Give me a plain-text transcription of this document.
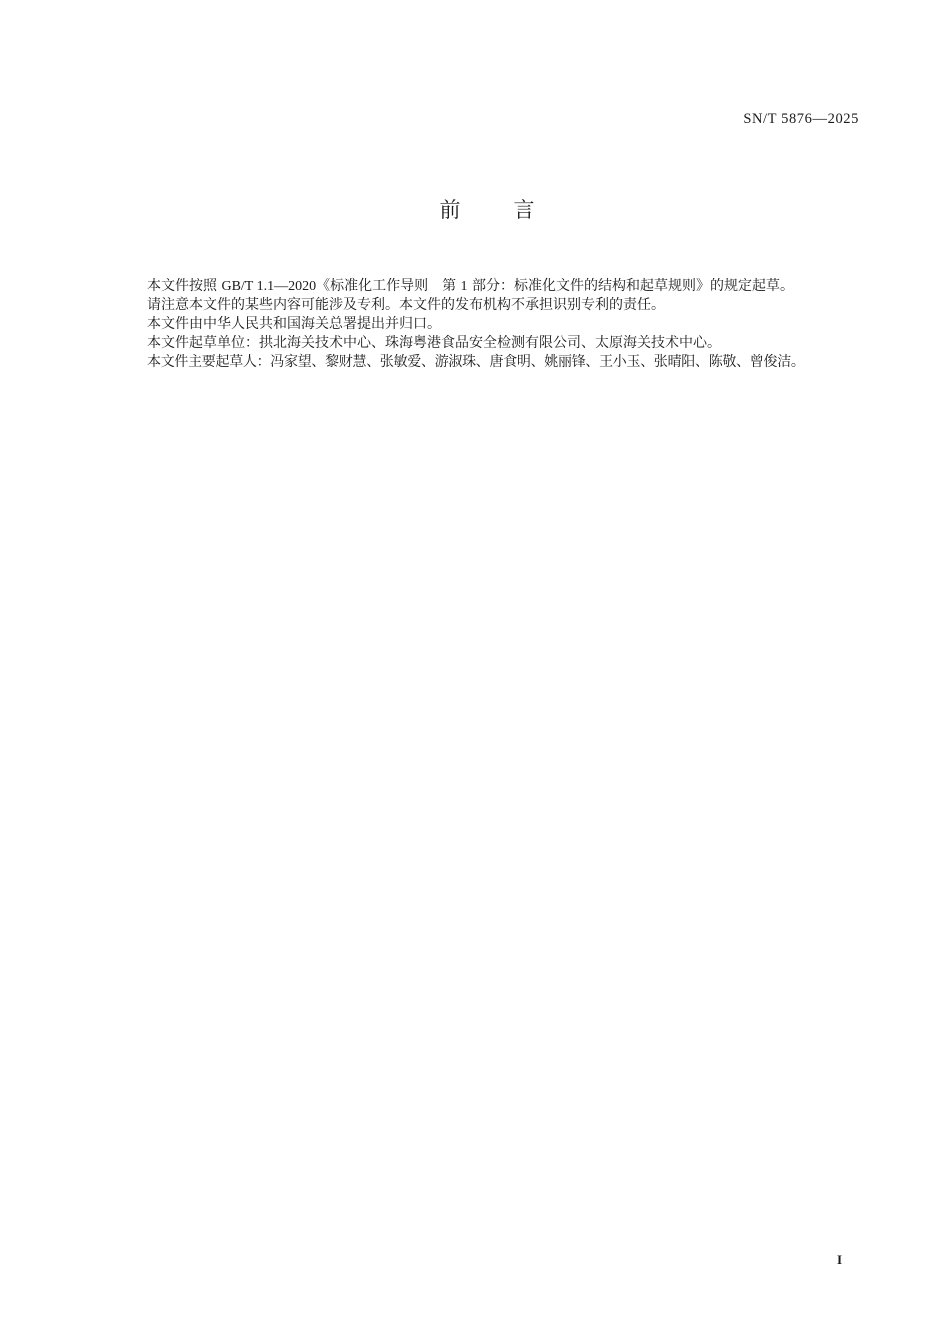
SN/T 5876—2025
前 言

本文件按照 GB/T 1.1—2020《标准化工作导则　第 1 部分：标准化文件的结构和起草规则》的规定起草。

请注意本文件的某些内容可能涉及专利。本文件的发布机构不承担识别专利的责任。

本文件由中华人民共和国海关总署提出并归口。

本文件起草单位：拱北海关技术中心、珠海粤港食品安全检测有限公司、太原海关技术中心。

本文件主要起草人：冯家望、黎财慧、张敏爱、游淑珠、唐食明、姚丽锋、王小玉、张晴阳、陈敬、曾俊洁。

I
